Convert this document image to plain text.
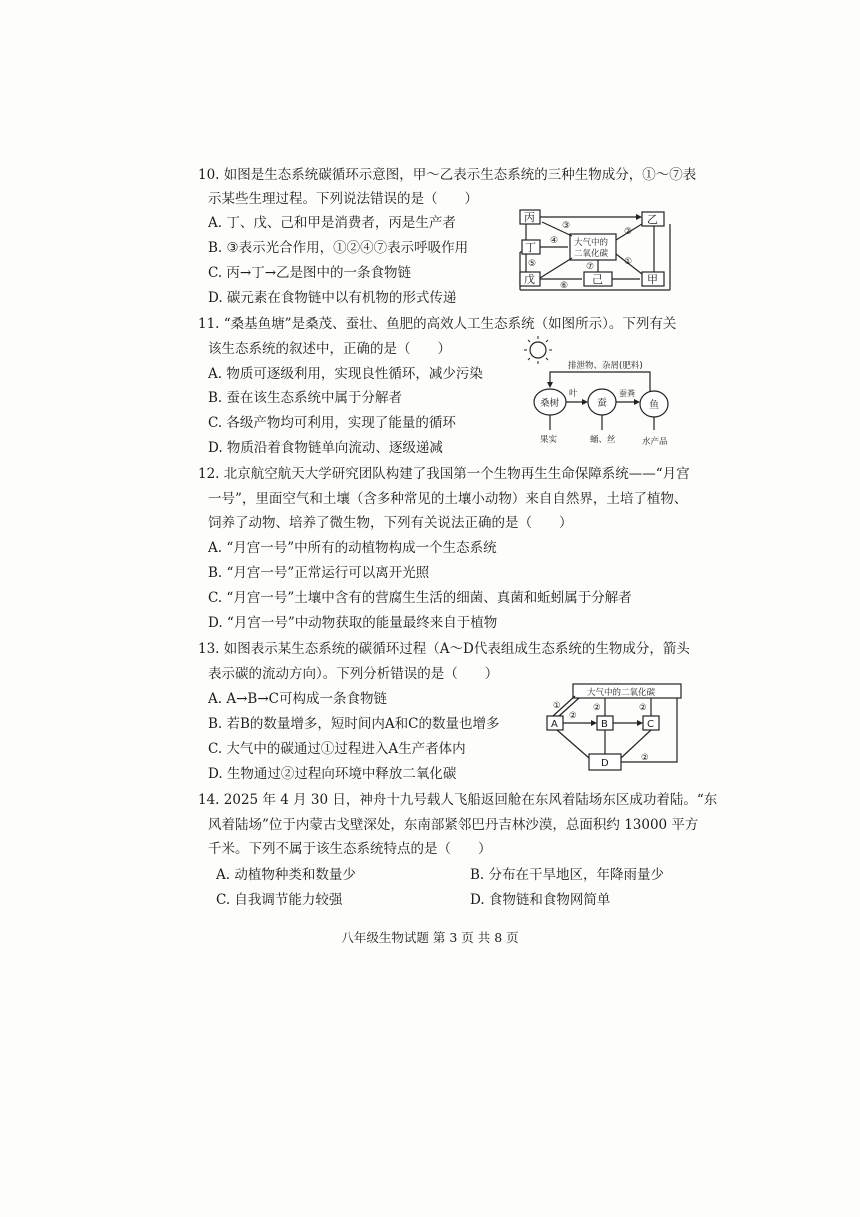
10. 如图是生态系统碳循环示意图，甲～乙表示生态系统的三种生物成分，①～⑦表
示某些生理过程。下列说法错误的是（　　）
A. 丁、戊、己和甲是消费者，丙是生产者
B. ③表示光合作用，①②④⑦表示呼吸作用
C. 丙→丁→乙是图中的一条食物链
D. 碳元素在食物链中以有机物的形式传递
丙	乙
丁	大气中的
二氧化碳
戊	己	甲
③
④
⑤
⑥
②
①
⑦
11. “桑基鱼塘”是桑茂、蚕壮、鱼肥的高效人工生态系统（如图所示）。下列有关
该生态系统的叙述中，正确的是（　　）
A. 物质可逐级利用，实现良性循环，减少污染
B. 蚕在该生态系统中属于分解者
C. 各级产物均可利用，实现了能量的循环
D. 物质沿着食物链单向流动、逐级递减
排泄物、杂屑(肥料)
桑树	蚕	鱼
叶	蚕粪
果实	蛹、丝	水产品
12. 北京航空航天大学研究团队构建了我国第一个生物再生生命保障系统——“月宫
一号”，里面空气和土壤（含多种常见的土壤小动物）来自自然界，土培了植物、
饲养了动物、培养了微生物，下列有关说法正确的是（　　）
A. “月宫一号”中所有的动植物构成一个生态系统
B. “月宫一号”正常运行可以离开光照
C. “月宫一号”土壤中含有的营腐生生活的细菌、真菌和蚯蚓属于分解者
D. “月宫一号”中动物获取的能量最终来自于植物
13. 如图表示某生态系统的碳循环过程（A～D代表组成生态系统的生物成分，箭头
表示碳的流动方向）。下列分析错误的是（　　）
A. A→B→C可构成一条食物链
B. 若B的数量增多，短时间内A和C的数量也增多
C. 大气中的碳通过①过程进入A生产者体内
D. 生物通过②过程向环境中释放二氧化碳
大气中的二氧化碳
A	B	C
D
①
②
②	②
②
14. 2025 年 4 月 30 日，神舟十九号载人飞船返回舱在东风着陆场东区成功着陆。“东
风着陆场”位于内蒙古戈壁深处，东南部紧邻巴丹吉林沙漠，总面积约 13000 平方
千米。下列不属于该生态系统特点的是（　　）
A. 动植物种类和数量少	B. 分布在干旱地区，年降雨量少
C. 自我调节能力较强	D. 食物链和食物网简单
八年级生物试题 第 3 页 共 8 页
